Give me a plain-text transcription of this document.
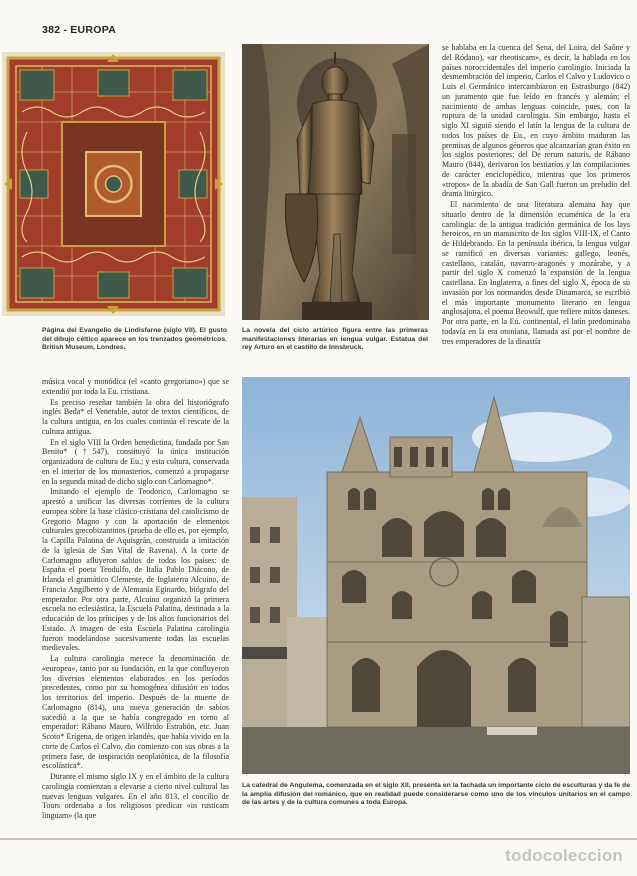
382 - EUROPA

Página del Evangelio de Lindisfarne (siglo VII). El gusto del dibujo céltico aparece en los trenzados geométricos. British Museum, Londres.

La novela del ciclo artúrico figura entre las primeras manifestaciones literarias en lengua vulgar. Estatua del rey Arturo en el castillo de Innsbruck.

se hablaba en la cuenca del Sena, del Loira, del Saône y del Ródano), «ar rheotiscam», es decir, la hablada en los países noroccidentales del imperio carolingio. Iniciada la desmembración del imperio, Carlos el Calvo y Ludovico o Luis el Germánico intercambiaron en Estrasburgo (842) un juramento que fue leído en francés y alemán; el nacimiento de ambas lenguas coincide, pues, con la ruptura de la unidad carolingia. Sin embargo, hasta el siglo XI siguió siendo el latín la lengua de la cultura de todos los países de Eu., en cuyo ámbito maduran las premisas de algunos géneros que alcanzarían gran éxito en los siglos posteriores: del De rerum naturis, de Rábano Mauro (844), derivaron los bestiarios y las compilaciones de carácter enciclopédico, mientras que los primeros «tropos» de la abadía de San Gall fueron un preludio del drama litúrgico.

El nacimiento de una literatura alemana hay que situarlo dentro de la dimensión ecuménica de la era carolingia: de la antigua tradición germánica de los lays heroicos, en un manuscrito de los siglos VIII-IX, el Canto de Hildebrando. En la península ibérica, la lengua vulgar se ramificó en diversas variantes: gallego, leonés, castellano, catalán, navarro-aragonés y mozárabe, y a partir del siglo X comenzó la expansión de la lengua castellana. En Inglaterra, a fines del siglo X, época de su invasión por los normandos desde Dinamarca, se escribió el más importante monumento literario en lengua anglosajona, el poema Beowulf, que refiere mitos daneses. Por otra parte, en la Eu. continental, el latín predominaba todavía en la era otoniana, llamada así por el nombre de tres emperadores de la dinastía

música vocal y monódica (el «canto gregoriano») que se extendió por toda la Eu. cristiana.

Es preciso reseñar también la obra del historiógrafo inglés Beda* el Venerable, autor de textos científicos, de la cultura antigua, en los cuales continúa el rescate de la cultura antigua.

En el siglo VIII la Orden benedictina, fundada por San Benito* (†547), constituyó la única institución organizadora de cultura de Eu.; y esta cultura, conservada en el interior de los monasterios, comenzó a propagarse en la segunda mitad de dicho siglo con Carlomagno*.

Imitando el ejemplo de Teodorico, Carlomagno se aprestó a unificar las diversas corrientes de la cultura europea sobre la base clásico-cristiana del catolicismo de Gregorio Magno y con la aportación de elementos culturales grecobizantinos (prueba de ello es, por ejemplo, la Capilla Palatina de Aquisgrán, construida a imitación de la iglesia de San Vital de Ravena). A la corte de Carlomagno afluyeron sabios de todos los países: de España el poeta Teodulfo, de Italia Pablo Diácono, de Irlanda el gramático Clemente, de Inglaterra Alcuino, de Francia Angilberto y de Alemania Eginardo, biógrafo del emperador. Por otra parte, Alcuino organizó la primera escuela no eclesiástica, la Escuela Palatina, destinada a la educación de los príncipes y de los altos funcionarios del Estado. A imagen de esta Escuela Palatina carolingia fueron modelándose sucesivamente todas las escuelas medievales.

La cultura carolingia merece la denominación de «europea», tanto por su fundación, en la que confluyeron los diversos elementos elaborados en los períodos precedentes, como por su homogénea difusión en todos los territorios del imperio. Después de la muerte de Carlomagno (814), una nueva generación de sabios sucedió a la que se había congregado en torno al emperador: Rábano Mauro, Wilfrido Estrabón, etc. Juan Scoto* Erígena, de origen irlandés, que había vivido en la corte de Carlos el Calvo, dio comienzo con sus obras a la primera fase, de inspiración neoplatónica, de la filosofía escolástica*.

Durante el mismo siglo IX y en el ámbito de la cultura carolingia comienzan a elevarse a cierto nivel cultural las nuevas lenguas vulgares. En el año 813, el concilio de Tours ordenaba a los religiosos predicar «in rusticam linguam» (la que

La catedral de Angulema, comenzada en el siglo XII, presenta en la fachada un importante ciclo de esculturas y da fe de la amplia difusión del románico, que en realidad puede considerarse como uno de los vínculos unitarios en el campo de las artes y de la cultura comunes a toda Europa.

todocoleccion
